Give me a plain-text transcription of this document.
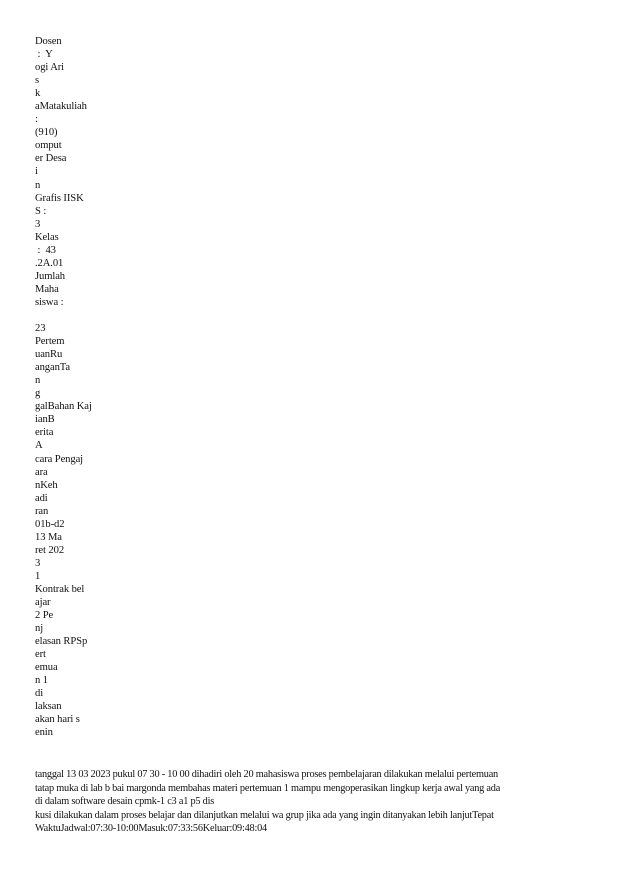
Dosen
:  Y
ogi Ari
s
k
aMatakuliah
:
(910)
omput
er Desa
i
n
Grafis IISK
S :
3
Kelas
:  43
.2A.01
Jumlah
Maha
siswa :
23
Pertem
uanRu
anganTa
n
g
galBahan Kaj
ianB
erita
A
cara Pengaj
ara
nKeh
adi
ran
01b-d2
13 Ma
ret 202
3
1
Kontrak bel
ajar
2 Pe
nj
elasan RPSp
ert
emua
n 1
di
laksan
akan hari s
enin
tanggal 13 03 2023 pukul 07 30 - 10 00 dihadiri oleh 20 mahasiswa proses pembelajaran dilakukan melalui pertemuan
tatap muka di lab b bai margonda membahas materi pertemuan 1 mampu mengoperasikan lingkup kerja awal yang ada
di dalam software desain cpmk-1 c3 a1 p5 dis
kusi dilakukan dalam proses belajar dan dilanjutkan melalui wa grup jika ada yang ingin ditanyakan lebih lanjutTepat
WaktuJadwal:07:30-10:00Masuk:07:33:56Keluar:09:48:04
